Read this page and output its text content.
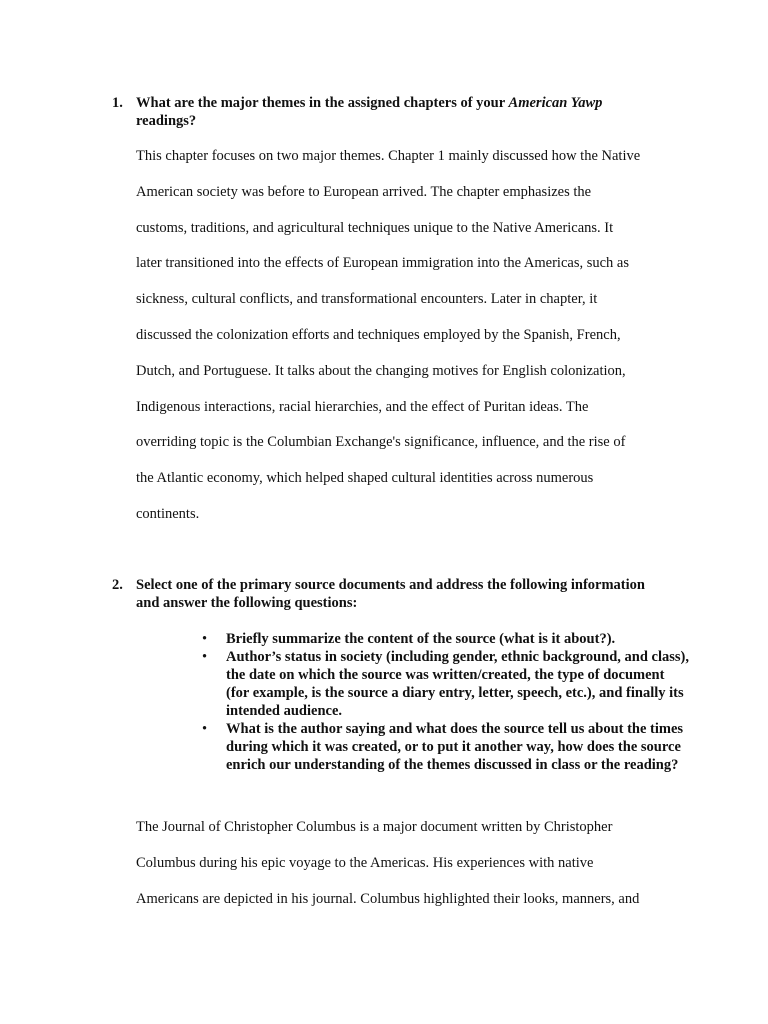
1. What are the major themes in the assigned chapters of your American Yawp readings?
This chapter focuses on two major themes. Chapter 1 mainly discussed how the Native
American society was before to European arrived. The chapter emphasizes the
customs, traditions, and agricultural techniques unique to the Native Americans. It
later transitioned into the effects of European immigration into the Americas, such as
sickness, cultural conflicts, and transformational encounters. Later in chapter, it
discussed the colonization efforts and techniques employed by the Spanish, French,
Dutch, and Portuguese. It talks about the changing motives for English colonization,
Indigenous interactions, racial hierarchies, and the effect of Puritan ideas. The
overriding topic is the Columbian Exchange's significance, influence, and the rise of
the Atlantic economy, which helped shaped cultural identities across numerous
continents.
2. Select one of the primary source documents and address the following information and answer the following questions:
• Briefly summarize the content of the source (what is it about?).
• Author’s status in society (including gender, ethnic background, and class), the date on which the source was written/created, the type of document (for example, is the source a diary entry, letter, speech, etc.), and finally its intended audience.
• What is the author saying and what does the source tell us about the times during which it was created, or to put it another way, how does the source enrich our understanding of the themes discussed in class or the reading?
The Journal of Christopher Columbus is a major document written by Christopher
Columbus during his epic voyage to the Americas. His experiences with native
Americans are depicted in his journal. Columbus highlighted their looks, manners, and
